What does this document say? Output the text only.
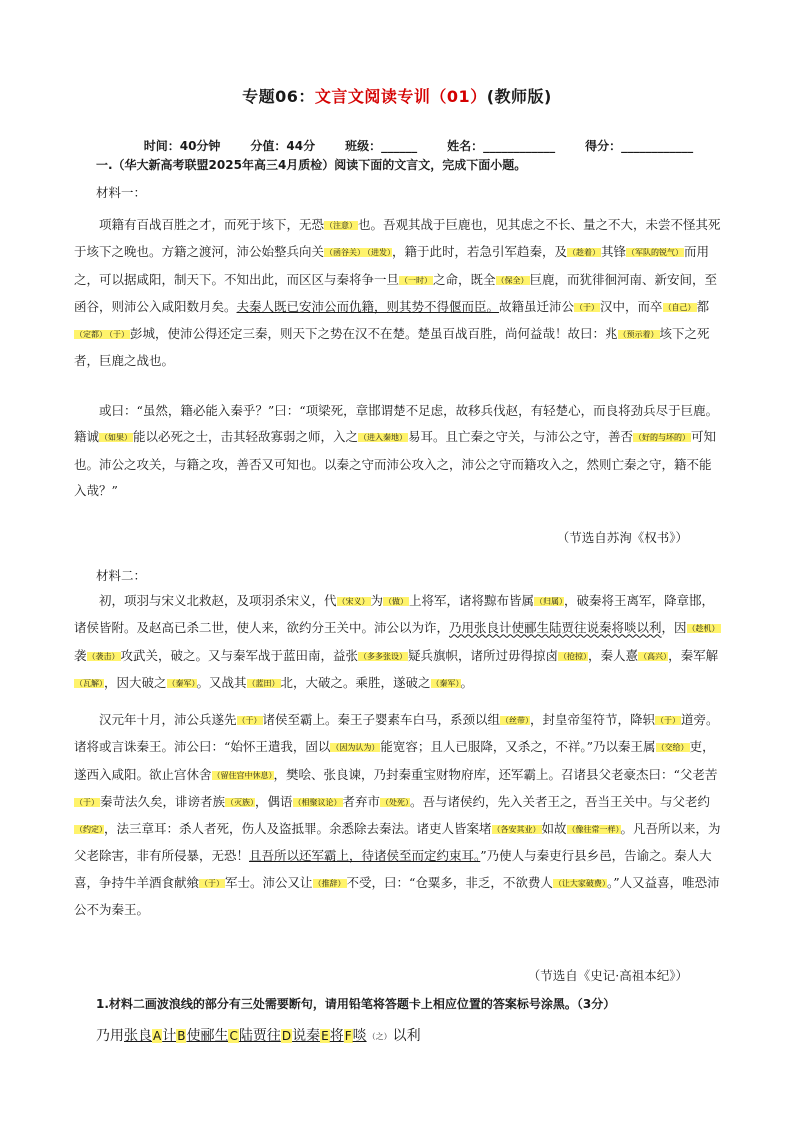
专题06：文言文阅读专训（01）(教师版)

时间：40分钟	分值：44分	班级：______	姓名：____________	得分：____________

一.（华大新高考联盟2025年高三4月质检）阅读下面的文言文，完成下面小题。
材料一：

项籍有百战百胜之才，而死于垓下，无恐（注意）也。吾观其战于巨鹿也，见其虑之不长、量之不大，未尝不怪其死于垓下之晚也。方籍之渡河，沛公始整兵向关（函谷关） （进发），籍于此时，若急引军趋秦，及（趁着）其锋（军队的锐气）而用之，可以据咸阳，制天下。不知出此，而区区与秦将争一旦（一时）之命，既全（保全）巨鹿，而犹徘徊河南、新安间，至函谷，则沛公入咸阳数月矣。夫秦人既已安沛公而仇籍，则其势不得偃而臣。故籍虽迁沛公（于）汉中，而卒（自己）都（定都） （于）彭城，使沛公得还定三秦，则天下之势在汉不在楚。楚虽百战百胜，尚何益哉！故曰：兆（预示着）垓下之死者，巨鹿之战也。

或曰：“虽然，籍必能入秦乎？”曰：“项梁死，章邯谓楚不足虑，故移兵伐赵，有轻楚心，而良将劲兵尽于巨鹿。籍诚（如果）能以必死之士，击其轻敌寡弱之师，入之（进入秦地）易耳。且亡秦之守关，与沛公之守，善否（好的与坏的）可知也。沛公之攻关，与籍之攻，善否又可知也。以秦之守而沛公攻入之，沛公之守而籍攻入之，然则亡秦之守，籍不能入哉？”

（节选自苏洵《权书》）
材料二：

初，项羽与宋义北救赵，及项羽杀宋义，代（宋义）为（做）上将军，诸将黥布皆属（归属），破秦将王离军，降章邯，诸侯皆附。及赵高已杀二世，使人来，欲约分王关中。沛公以为诈，乃用张良计使郦生陆贾往说秦将啖以利，因（趁机）袭（袭击）攻武关，破之。又与秦军战于蓝田南，益张（多多张设）疑兵旗帜，诸所过毋得掠卤（抢掠），秦人憙（高兴），秦军解（瓦解），因大破之（秦军）。又战其（蓝田）北，大破之。乘胜，遂破之（秦军）。

汉元年十月，沛公兵遂先（于）诸侯至霸上。秦王子婴素车白马，系颈以组（丝带），封皇帝玺符节，降轵（于）道旁。诸将或言诛秦王。沛公曰：“始怀王遣我，固以（因为认为）能宽容；且人已服降，又杀之，不祥。”乃以秦王属（交给）吏，遂西入咸阳。欲止宫休舍（留住宫中休息），樊哙、张良谏，乃封秦重宝财物府库，还军霸上。召诸县父老豪杰曰：“父老苦（于）秦苛法久矣，诽谤者族（灭族），偶语（相聚议论）者弃市（处死）。吾与诸侯约，先入关者王之，吾当王关中。与父老约（约定），法三章耳：杀人者死，伤人及盗抵罪。余悉除去秦法。诸吏人皆案堵（各安其业）如故（像往常一样）。凡吾所以来，为父老除害，非有所侵暴，无恐！且吾所以还军霸上，待诸侯至而定约束耳。”乃使人与秦吏行县乡邑，告谕之。秦人大喜，争持牛羊酒食献飨（于）军士。沛公又让（推辞）不受，曰：“仓粟多，非乏，不欲费人（让大家破费）。”人又益喜，唯恐沛公不为秦王。

（节选自《史记·高祖本纪》）
1.材料二画波浪线的部分有三处需要断句，请用铅笔将答题卡上相应位置的答案标号涂黑。（3分）
乃用张良A计B使郦生C陆贾往D说秦E将F啖（之）以利
